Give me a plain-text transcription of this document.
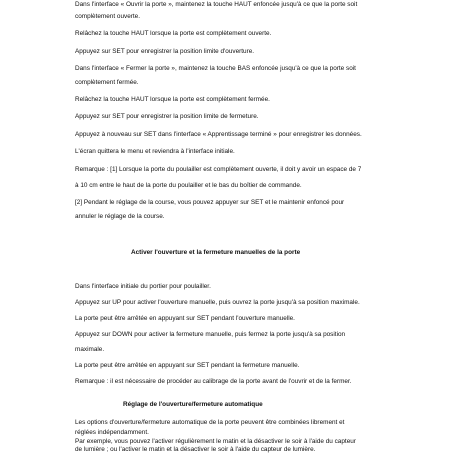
Dans l'interface « Ouvrir la porte », maintenez la touche HAUT enfoncée jusqu'à ce que la porte soit
complètement ouverte.
Relâchez la touche HAUT lorsque la porte est complètement ouverte.
Appuyez sur SET pour enregistrer la position limite d'ouverture.
Dans l'interface « Fermer la porte », maintenez la touche BAS enfoncée jusqu'à ce que la porte soit
complètement fermée.
Relâchez la touche HAUT lorsque la porte est complètement fermée.
Appuyez sur SET pour enregistrer la position limite de fermeture.
Appuyez à nouveau sur SET dans l'interface « Apprentissage terminé » pour enregistrer les données.
L'écran quittera le menu et reviendra à l'interface initiale.
Remarque : [1] Lorsque la porte du poulailler est complètement ouverte, il doit y avoir un espace de 7
à 10 cm entre le haut de la porte du poulailler et le bas du boîtier de commande.
[2] Pendant le réglage de la course, vous pouvez appuyer sur SET et le maintenir enfoncé pour
annuler le réglage de la course.
Activer l'ouverture et la fermeture manuelles de la porte
Dans l'interface initiale du portier pour poulailler.
Appuyez sur UP pour activer l'ouverture manuelle, puis ouvrez la porte jusqu'à sa position maximale.
La porte peut être arrêtée en appuyant sur SET pendant l'ouverture manuelle.
Appuyez sur DOWN pour activer la fermeture manuelle, puis fermez la porte jusqu'à sa position
maximale.
La porte peut être arrêtée en appuyant sur SET pendant la fermeture manuelle.
Remarque : il est nécessaire de procéder au calibrage de la porte avant de l'ouvrir et de la fermer.
Réglage de l'ouverture/fermeture automatique
Les options d'ouverture/fermeture automatique de la porte peuvent être combinées librement et
réglées indépendamment.
Par exemple, vous pouvez l'activer régulièrement le matin et la désactiver le soir à l'aide du capteur
de lumière ; ou l'activer le matin et la désactiver le soir à l'aide du capteur de lumière.
